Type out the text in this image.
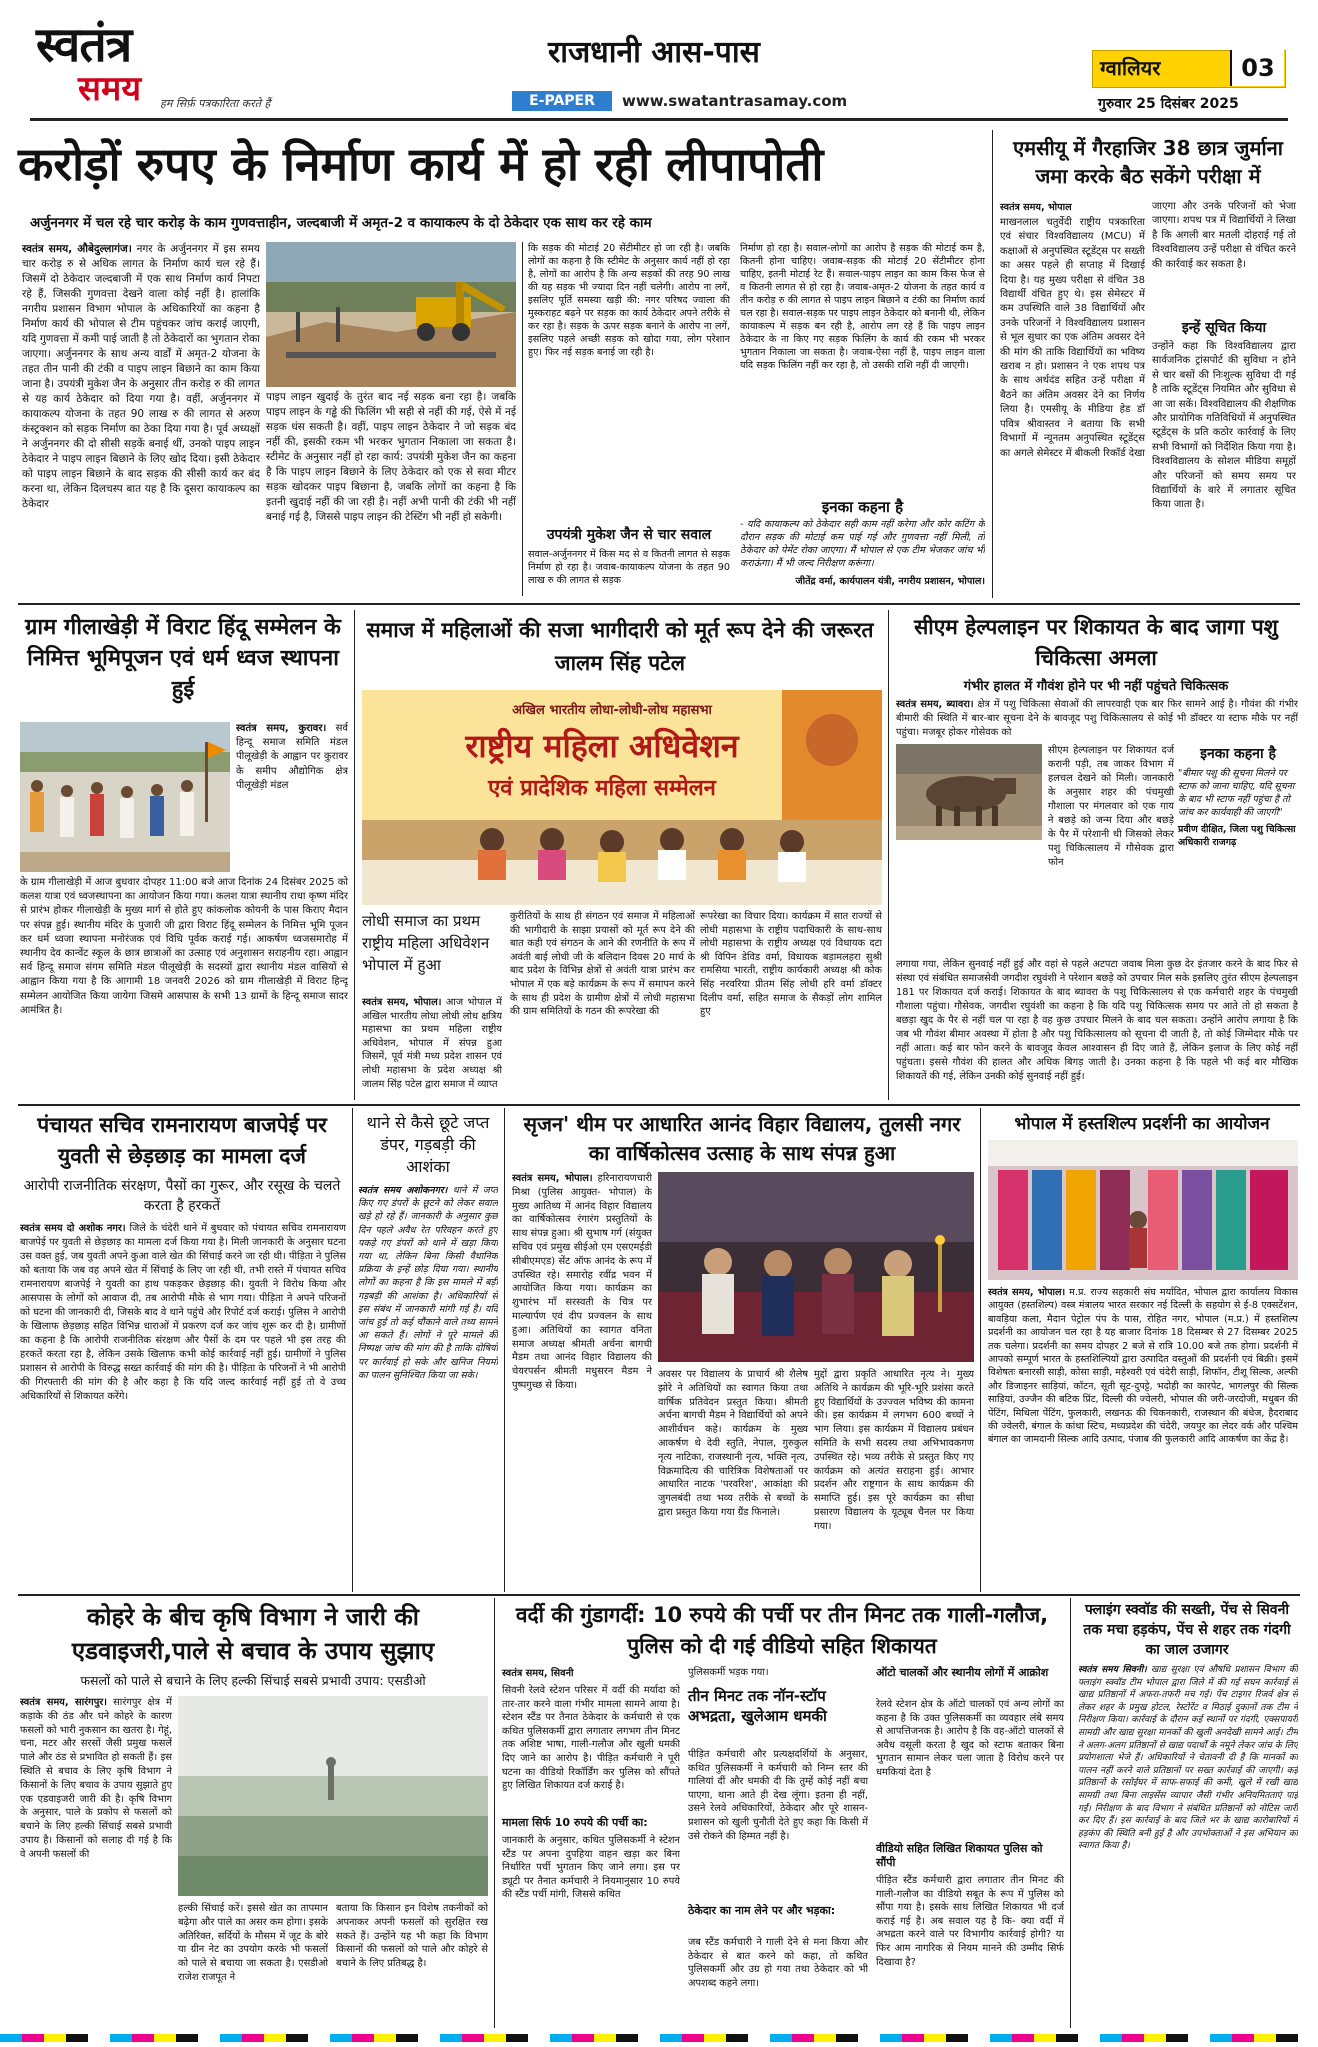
स्वतंत्र
समय हम सिर्फ़ पत्रकारिता करते हैं
राजधानी आस-पास
E-PAPER	www.swatantrasamay.com
ग्वालियर	03
गुरुवार 25 दिसंबर 2025
करोड़ों रुपए के निर्माण कार्य में हो रही लीपापोती
अर्जुननगर में चल रहे चार करोड़ के काम गुणवत्ताहीन, जल्दबाजी में अमृत-2 व कायाकल्प के दो ठेकेदार एक साथ कर रहे काम
स्वतंत्र समय, औबेदुल्लागंज। नगर के अर्जुननगर में इस समय चार करोड़ रु से अधिक लागत के निर्माण कार्य चल रहे हैं। जिसमें दो ठेकेदार जल्दबाजी में एक साथ निर्माण कार्य निपटा रहे हैं, जिसकी गुणवत्ता देखने वाला कोई नहीं है। हालांकि नगरीय प्रशासन विभाग भोपाल के अधिकारियों का कहना है निर्माण कार्य की भोपाल से टीम पहुंचकर जांच कराई जाएगी, यदि गुणवत्ता में कमी पाई जाती है तो ठेकेदारों का भुगतान रोका जाएगा। अर्जुननगर के साथ अन्य वार्डों में अमृत-2 योजना के तहत तीन पानी की टंकी व पाइप लाइन बिछाने का काम किया जाना है। उपयंत्री मुकेश जैन के अनुसार तीन करोड़ रु की लागत से यह कार्य ठेकेदार को दिया गया है। वहीं, अर्जुननगर में कायाकल्प योजना के तहत 90 लाख रु की लागत से अरुण कंस्ट्रक्शन को सड़क निर्माण का ठेका दिया गया है। पूर्व अध्यक्षों ने अर्जुननगर की दो सीसी सड़कें बनाई थीं, उनको पाइप लाइन ठेकेदार ने पाइप लाइन बिछाने के लिए खोद दिया। इसी ठेकेदार को पाइप लाइन बिछाने के बाद सड़क की सीसी कार्य कर बंद करना था, लेकिन दिलचस्प बात यह है कि दूसरा कायाकल्प का ठेकेदार
पाइप लाइन खुदाई के तुरंत बाद नई सड़क बना रहा है। जबकि पाइप लाइन के गड्ढे की फिलिंग भी सही से नहीं की गई, ऐसे में नई सड़क धंस सकती है। वहीं, पाइप लाइन ठेकेदार ने जो सड़क बंद नहीं की, इसकी रकम भी भरकर भुगतान निकाला जा सकता है। स्टीमेट के अनुसार नहीं हो रहा कार्य: उपयंत्री मुकेश जैन का कहना है कि पाइप लाइन बिछाने के लिए ठेकेदार को एक से सवा मीटर सड़क खोदकर पाइप बिछाना है, जबकि लोगों का कहना है कि इतनी खुदाई नहीं की जा रही है। नहीं अभी पानी की टंकी भी नहीं बनाई गई है, जिससे पाइप लाइन की टेस्टिंग भी नहीं हो सकेगी।
कि सड़क की मोटाई 20 सेंटीमीटर हो जा रही है। जबकि लोगों का कहना है कि स्टीमेट के अनुसार कार्य नहीं हो रहा है, लोगों का आरोप है कि अन्य सड़कों की तरह 90 लाख की यह सड़क भी ज्यादा दिन नहीं चलेगी। आरोप ना लगें, इसलिए पूर्ति समस्या खड़ी की: नगर परिषद ज्वाला की मुस्कराहट बढ़ने पर सड़क का कार्य ठेकेदार अपने तरीके से कर रहा है। सड़क के ऊपर सड़क बनाने के आरोप ना लगें, इसलिए पहले अच्छी सड़क को खोदा गया, लोग परेशान हुए। फिर नई सड़क बनाई जा रही है।
उपयंत्री मुकेश जैन से चार सवाल
सवाल-अर्जुननगर में किस मद से व कितनी लागत से सड़क निर्माण हो रहा है। जवाब-कायाकल्प योजना के तहत 90 लाख रु की लागत से सड़क
निर्माण हो रहा है। सवाल-लोगों का आरोप है सड़क की मोटाई कम है, कितनी होना चाहिए। जवाब-सड़क की मोटाई 20 सेंटीमीटर होना चाहिए, इतनी मोटाई रेट हैं। सवाल-पाइप लाइन का काम किस फेज से व कितनी लागत से हो रहा है। जवाब-अमृत-2 योजना के तहत कार्य व तीन करोड़ रु की लागत से पाइप लाइन बिछाने व टंकी का निर्माण कार्य चल रहा है। सवाल-सड़क पर पाइप लाइन ठेकेदार को बनानी थी, लेकिन कायाकल्प में सड़क बन रही है, आरोप लग रहे हैं कि पाइप लाइन ठेकेदार के ना किए गए सड़क फिलिंग के कार्य की रकम भी भरकर भुगतान निकाला जा सकता है। जवाब-ऐसा नहीं है, पाइप लाइन वाला यदि सड़क फिलिंग नहीं कर रहा है, तो उसकी राशि नहीं दी जाएगी।
इनका कहना है
- यदि कायाकल्प को ठेकेदार सही काम नहीं करेगा और कोर कटिंग के दौरान सड़क की मोटाई कम पाई गई और गुणवत्ता नहीं मिली, तो ठेकेदार को पेमेंट रोका जाएगा। मैं भोपाल से एक टीम भेजकर जांच भी कराऊंगा। मैं भी जल्द निरीक्षण करूंगा।
जीतेंद्र वर्मा, कार्यपालन यंत्री, नगरीय प्रशासन, भोपाल।
एमसीयू में गैरहाजिर 38 छात्र जुर्माना जमा करके बैठ सकेंगे परीक्षा में
स्वतंत्र समय, भोपाल
माखनलाल चतुर्वेदी राष्ट्रीय पत्रकारिता एवं संचार विश्वविद्यालय (MCU) में कक्षाओं से अनुपस्थित स्टूडेंट्स पर सख्ती का असर पहले ही सप्ताह में दिखाई दिया है। यह मुख्य परीक्षा से वंचित 38 विद्यार्थी वंचित हुए थे। इस सेमेस्टर में कम उपस्थिति वाले 38 विद्यार्थियों और उनके परिजनों ने विश्वविद्यालय प्रशासन से भूल सुधार का एक अंतिम अवसर देने की मांग की ताकि विद्यार्थियों का भविष्य खराब न हो। प्रशासन ने एक शपथ पत्र के साथ अर्थदंड सहित उन्हें परीक्षा में बैठने का अंतिम अवसर देने का निर्णय लिया है। एमसीयू के मीडिया हेड डॉ पवित्र श्रीवास्तव ने बताया कि सभी विभागों में न्यूनतम अनुपस्थित स्टूडेंट्स का अगले सेमेस्टर में बीकली रिकॉर्ड देखा
जाएगा और उनके परिजनों को भेजा जाएगा। शपथ पत्र में विद्यार्थियों ने लिखा है कि अगली बार मतली दोहराई गई तो विश्वविद्यालय उन्हें परीक्षा से वंचित करने की कार्रवाई कर सकता है।
इन्हें सूचित किया
उन्होंने कहा कि विश्वविद्यालय द्वारा सार्वजनिक ट्रांसपोर्ट की सुविधा न होने से चार बसों की निःशुल्क सुविधा दी गई है ताकि स्टूडेंट्स नियमित और सुविधा से आ जा सकें। विश्वविद्यालय की शैक्षणिक और प्रायोगिक गतिविधियों में अनुपस्थित स्टूडेंट्स के प्रति कठोर कार्रवाई के लिए सभी विभागों को निर्देशित किया गया है। विश्वविद्यालय के सोशल मीडिया समूहों और परिजनों को समय समय पर विद्यार्थियों के बारे में लगातार सूचित किया जाता है।
ग्राम गीलाखेड़ी में विराट हिंदू सम्मेलन के निमित्त भूमिपूजन एवं धर्म ध्वज स्थापना हुई
स्वतंत्र समय, कुरावर। सर्व हिन्दू समाज समिति मंडल पीलूखेड़ी के आह्वान पर कुरावर के समीप औद्योगिक क्षेत्र पीलूखेड़ी मंडल
के ग्राम गीलाखेड़ी में आज बुधवार दोपहर 11:00 बजे आज दिनांक 24 दिसंबर 2025 को कलश यात्रा एवं ध्वजस्थापना का आयोजन किया गया। कलश यात्रा स्थानीय राधा कृष्ण मंदिर से प्रारंभ होकर गीलाखेड़ी के मुख्य मार्ग से होते हुए कांकलोक कोयनी के पास किराए मैदान पर संपन्न हुई। स्थानीय मंदिर के पुजारी जी द्वारा विराट हिंदू सम्मेलन के निमित्त भूमि पूजन कर धर्म ध्वजा स्थापना मनोरंजक एवं विधि पूर्वक कराई गई। आकर्षण ध्वजसमारोह में स्थानीय देव कान्वेंट स्कूल के छात्र छात्राओं का उत्साह एवं अनुशासन सराहनीय रहा। आह्वान सर्व हिन्दू समाज संगम समिति मंडल पीलूखेड़ी के सदस्यों द्वारा स्थानीय मंडल वासियों से आह्वान किया गया है कि आगामी 18 जनवरी 2026 को ग्राम गीलाखेड़ी में विराट हिन्दू सम्मेलन आयोजित किया जायेगा जिसमे आसपास के सभी 13 ग्रामों के हिन्दू समाज सादर आमंत्रित है।
समाज में महिलाओं की सजा भागीदारी को मूर्त रूप देने की जरूरत जालम सिंह पटेल
अखिल भारतीय लोधा-लोधी-लोध महासभा
राष्ट्रीय महिला अधिवेशन
एवं प्रादेशिक महिला सम्मेलन
लोधी समाज का प्रथम राष्ट्रीय महिला अधिवेशन भोपाल में हुआ
स्वतंत्र समय, भोपाल। आज भोपाल में अखिल भारतीय लोधा लोधी लोध क्षत्रिय महासभा का प्रथम महिला राष्ट्रीय अधिवेशन, भोपाल में संपन्न हुआ जिसमें, पूर्व मंत्री मध्य प्रदेश शासन एवं लोधी महासभा के प्रदेश अध्यक्ष श्री जालम सिंह पटेल द्वारा समाज में व्याप्त
कुरीतियों के साथ ही संगठन एवं समाज में महिलाओं की भागीदारी के साझा प्रयासों को मूर्त रूप देने की बात कही एवं संगठन के आने की रणनीति के रूप में अवंती बाई लोधी जी के बलिदान दिवस 20 मार्च के बाद प्रदेश के विभिन्न क्षेत्रों से अवंती यात्रा प्रारंभ कर भोपाल में एक बड़े कार्यक्रम के रूप में समापन करने के साथ ही प्रदेश के ग्रामीण क्षेत्रों में लोधी महासभा की ग्राम समितियों के गठन की रूपरेखा की
रूपरेखा का विचार दिया। कार्यक्रम में सात राज्यों से लोधी महासभा के राष्ट्रीय पदाधिकारी के साथ-साथ लोधी महासभा के राष्ट्रीय अध्यक्ष एवं विधायक दटा श्री विपिन डेविड वर्मा, विधायक बड़ामलहरा सुश्री रामसिया भारती, राष्ट्रीय कार्यकारी अध्यक्ष श्री कोक सिंह नरवरिया प्रीतम सिंह लोधी हरि वर्मा डॉक्टर दिलीप वर्मा, सहित समाज के सैकड़ों लोग शामिल हुए
सीएम हेल्पलाइन पर शिकायत के बाद जागा पशु चिकित्सा अमला
गंभीर हालत में गौवंश होने पर भी नहीं पहुंचते चिकित्सक
स्वतंत्र समय, ब्यावरा। क्षेत्र में पशु चिकित्सा सेवाओं की लापरवाही एक बार फिर सामने आई है। गौवंश की गंभीर बीमारी की स्थिति में बार-बार सूचना देने के बावजूद पशु चिकित्सालय से कोई भी डॉक्टर या स्टाफ मौके पर नहीं पहुंचा। मजबूर होकर गोसेवक को
सीएम हेल्पलाइन पर शिकायत दर्ज करानी पड़ी, तब जाकर विभाग में हलचल देखने को मिली। जानकारी के अनुसार शहर की पंचमुखी गौशाला पर मंगलवार को एक गाय ने बछड़े को जन्म दिया और बछड़े के पैर में परेशानी थी जिसको लेकर पशु चिकित्सालय में गौसेवक द्वारा फोन
इनका कहना है
"बीमार पशु की सूचना मिलने पर स्टाफ को जाना चाहिए, यदि सूचना के बाद भी स्टाफ नहीं पहुंचा है तो जांच कर कार्यवाही की जाएगी"
प्रवीण दीक्षित, जिला पशु चिकित्सा अधिकारी राजगढ़
लगाया गया, लेकिन सुनवाई नहीं हुई और वहां से पहले अटपटा जवाब मिला कुछ देर इंतजार करने के बाद फिर से संस्था एवं संबंधित समाजसेवी जगदीश रघुवंशी ने परेशान बछड़े को उपचार मिल सके इसलिए तुरंत सीएम हेल्पलाइन 181 पर शिकायत दर्ज कराई। शिकायत के बाद ब्यावरा के पशु चिकित्सालय से एक कर्मचारी शहर के पंचमुखी गौशाला पहुंचा। गौसेवक, जगदीश रघुवंशी का कहना है कि यदि पशु चिकित्सक समय पर आते तो हो सकता है बछड़ा खुद के पैर से नहीं चल पा रहा है वह कुछ उपचार मिलने के बाद चल सकता। उन्होंने आरोप लगाया है कि जब भी गौवंश बीमार अवस्था में होता है और पशु चिकित्सालय को सूचना दी जाती है, तो कोई जिम्मेदार मौके पर नहीं आता। कई बार फोन करने के बावजूद केवल आश्वासन ही दिए जाते हैं, लेकिन इलाज के लिए कोई नहीं पहुंचता। इससे गौवंश की हालत और अधिक बिगड़ जाती है। उनका कहना है कि पहले भी कई बार मौखिक शिकायतें की गई, लेकिन उनकी कोई सुनवाई नहीं हुई।
पंचायत सचिव रामनारायण बाजपेई पर युवती से छेड़छाड़ का मामला दर्ज
आरोपी राजनीतिक संरक्षण, पैसों का गुरूर, और रसूख के चलते करता है हरकतें
स्वतंत्र समय दो अशोक नगर। जिले के चंदेरी थाने में बुधवार को पंचायत सचिव रामनारायण बाजपेई पर युवती से छेड़छाड़ का मामला दर्ज किया गया है। मिली जानकारी के अनुसार घटना उस वक्त हुई, जब युवती अपने कुआ वाले खेत की सिंचाई करने जा रही थी। पीड़िता ने पुलिस को बताया कि जब वह अपने खेत में सिंचाई के लिए जा रही थी, तभी रास्ते में पंचायत सचिव रामनारायण बाजपेई ने युवती का हाथ पकड़कर छेड़छाड़ की। युवती ने विरोध किया और आसपास के लोगों को आवाज दी, तब आरोपी मौके से भाग गया। पीड़िता ने अपने परिजनों को घटना की जानकारी दी, जिसके बाद वे थाने पहुंचे और रिपोर्ट दर्ज कराई। पुलिस ने आरोपी के खिलाफ छेड़छाड़ सहित विभिन्न धाराओं में प्रकरण दर्ज कर जांच शुरू कर दी है। ग्रामीणों का कहना है कि आरोपी राजनीतिक संरक्षण और पैसों के दम पर पहले भी इस तरह की हरकतें करता रहा है, लेकिन उसके खिलाफ कभी कोई कार्रवाई नहीं हुई। ग्रामीणों ने पुलिस प्रशासन से आरोपी के विरुद्ध सख्त कार्रवाई की मांग की है। पीड़िता के परिजनों ने भी आरोपी की गिरफ्तारी की मांग की है और कहा है कि यदि जल्द कार्रवाई नहीं हुई तो वे उच्च अधिकारियों से शिकायत करेंगे।
थाने से कैसे छूटे जप्त डंपर, गड़बड़ी की आशंका
स्वतंत्र समय अशोकनगर। थाने में जप्त किए गए डंपरों के छूटने को लेकर सवाल खड़े हो रहे हैं। जानकारी के अनुसार कुछ दिन पहले अवैध रेत परिवहन करते हुए पकड़े गए डंपरों को थाने में खड़ा किया गया था, लेकिन बिना किसी वैधानिक प्रक्रिया के इन्हें छोड़ दिया गया। स्थानीय लोगों का कहना है कि इस मामले में बड़ी गड़बड़ी की आशंका है। अधिकारियों से इस संबंध में जानकारी मांगी गई है। यदि जांच हुई तो कई चौंकाने वाले तथ्य सामने आ सकते हैं। लोगों ने पूरे मामले की निष्पक्ष जांच की मांग की है ताकि दोषियों पर कार्रवाई हो सके और खनिज नियमों का पालन सुनिश्चित किया जा सके।
सृजन' थीम पर आधारित आनंद विहार विद्यालय, तुलसी नगर का वार्षिकोत्सव उत्साह के साथ संपन्न हुआ
स्वतंत्र समय, भोपाल। हरिनारायणचारी मिश्रा (पुलिस आयुक्त- भोपाल) के मुख्य आतिथ्य में आनंद विहार विद्यालय का वार्षिकोत्सव रंगारंग प्रस्तुतियों के साथ संपन्न हुआ। श्री सुभाष गर्ग (संयुक्त सचिव एवं प्रमुख सीईओ एम एसएमईडी सीबीएमएड) सेंट ऑफ आनंद के रूप में उपस्थित रहे। समारोह रवींद्र भवन में आयोजित किया गया। कार्यक्रम का शुभारंभ माँ सरस्वती के चित्र पर माल्यार्पण एवं दीप प्रज्वलन के साथ हुआ। अतिथियों का स्वागत वनिता समाज अध्यक्ष श्रीमती अर्चना बागची मैडम तथा आनंद विहार विद्यालय की चेयरपर्सन श्रीमती मधुसरन मैडम ने पुष्पगुच्छ से किया।
अवसर पर विद्यालय के प्राचार्य श्री शैलेष झोरे ने अतिथियों का स्वागत किया तथा वार्षिक प्रतिवेदन प्रस्तुत किया। श्रीमती अर्चना बागची मैडम ने विद्यार्थियों को अपने आशीर्वचन कहे। कार्यक्रम के मुख्य आकर्षण थे देवी स्तुति, नेपाल, गुरुकुल नृत्य नाटिका, राजस्थानी नृत्य, भक्ति नृत्य, विक्रमादित्य की चारित्रिक विशेषताओं पर आधारित नाटक 'परवरिश', आकांक्षा की जुगलबंदी तथा भव्य तरीके से बच्चों के द्वारा प्रस्तुत किया गया ग्रैंड फिनाले।
मुद्दों द्वारा प्रकृति आधारित नृत्य ने। मुख्य अतिथि ने कार्यक्रम की भूरि-भूरि प्रशंसा करते हुए विद्यार्थियों के उज्ज्वल भविष्य की कामना की। इस कार्यक्रम में लगभग 600 बच्चों ने भाग लिया। इस कार्यक्रम में विद्यालय प्रबंधन समिति के सभी सदस्य तथा अभिभावकगण उपस्थित रहे। भव्य तरीके से प्रस्तुत किए गए कार्यक्रम को अत्यंत सराहना हुई। आभार प्रदर्शन और राष्ट्रगान के साथ कार्यक्रम की समाप्ति हुई। इस पूरे कार्यक्रम का सीधा प्रसारण विद्यालय के यूट्यूब चैनल पर किया गया।
भोपाल में हस्तशिल्प प्रदर्शनी का आयोजन
स्वतंत्र समय, भोपाल। म.प्र. राज्य सहकारी संघ मर्यादित, भोपाल द्वारा कार्यालय विकास आयुक्त (हस्तशिल्प) वस्त्र मंत्रालय भारत सरकार नई दिल्ली के सहयोग से ई-8 एक्सटेंशन, बावड़िया कला, मैदान पेट्रोल पंप के पास, रोहित नगर, भोपाल (म.प्र.) में हस्तशिल्प प्रदर्शनी का आयोजन चल रहा है यह बाजार दिनांक 18 दिसम्बर से 27 दिसम्बर 2025 तक चलेगा। प्रदर्शनी का समय दोपहर 2 बजे से रात्रि 10.00 बजे तक होगा। प्रदर्शनी में आपको सम्पूर्ण भारत के हस्तशिल्पियों द्वारा उत्पादित वस्तुओं की प्रदर्शनी एवं बिक्री। इसमें विशेषतः बनारसी साड़ी, कोसा साड़ी, महेश्वरी एवं चंदेरी साड़ी, शिफॉन, टीशू सिल्क, अल्फी और डिजाइनर साड़ियां, कॉटन, सूती सूट-दुपट्टे, भदोही का कारपेट, भागलपुर की सिल्क साड़ियां, उज्जैन की बटिक प्रिंट, दिल्ली की ज्वेलरी, भोपाल की जरी-जरदोजी, मधुबन की पेंटिंग, मिथिला पेंटिंग, फुलकारी, लखनऊ की चिकनकारी, राजस्थान की बंधेज, हैदराबाद की ज्वेलरी, बंगाल के कांथा स्टिच, मध्यप्रदेश की चंदेरी, जयपुर का लेदर वर्क और पश्चिम बंगाल का जामदानी सिल्क आदि उत्पाद, पंजाब की फुलकारी आदि आकर्षण का केंद्र है।
कोहरे के बीच कृषि विभाग ने जारी की एडवाइजरी,पाले से बचाव के उपाय सुझाए
फसलों को पाले से बचाने के लिए हल्की सिंचाई सबसे प्रभावी उपाय: एसडीओ
स्वतंत्र समय, सारंगपुर। सारंगपुर क्षेत्र में कड़ाके की ठंड और घने कोहरे के कारण फसलों को भारी नुकसान का खतरा है। गेहूं, चना, मटर और सरसों जैसी प्रमुख फसलें पाले और ठंड से प्रभावित हो सकती हैं। इस स्थिति से बचाव के लिए कृषि विभाग ने किसानों के लिए बचाव के उपाय सुझाते हुए एक एडवाइजरी जारी की है। कृषि विभाग के अनुसार, पाले के प्रकोप से फसलों को बचाने के लिए हल्की सिंचाई सबसे प्रभावी उपाय है। किसानों को सलाह दी गई है कि वे अपनी फसलों की
हल्की सिंचाई करें। इससे खेत का तापमान बढ़ेगा और पाले का असर कम होगा। इसके अतिरिक्त, सर्दियों के मौसम में जूट के बोरे या ग्रीन नेट का उपयोग करके भी फसलों को पाले से बचाया जा सकता है। एसडीओ राजेश राजपूत ने
बताया कि किसान इन विशेष तकनीकों को अपनाकर अपनी फसलों को सुरक्षित रख सकते हैं। उन्होंने यह भी कहा कि विभाग किसानों की फसलों को पाले और कोहरे से बचाने के लिए प्रतिबद्ध है।
वर्दी की गुंडागर्दी: 10 रुपये की पर्ची पर तीन मिनट तक गाली-गलौज, पुलिस को दी गई वीडियो सहित शिकायत
स्वतंत्र समय, सिवनी
सिवनी रेलवे स्टेशन परिसर में वर्दी की मर्यादा को तार-तार करने वाला गंभीर मामला सामने आया है। स्टेशन स्टैंड पर तैनात ठेकेदार के कर्मचारी से एक कथित पुलिसकर्मी द्वारा लगातार लगभग तीन मिनट तक अशिष्ट भाषा, गाली-गलौज और खुली धमकी दिए जाने का आरोप है। पीड़ित कर्मचारी ने पूरी घटना का वीडियो रिकॉर्डिंग कर पुलिस को सौंपते हुए लिखित शिकायत दर्ज कराई है।
मामला सिर्फ 10 रुपये की पर्ची का:
जानकारी के अनुसार, कथित पुलिसकर्मी ने स्टेशन स्टैंड पर अपना दुपहिया वाहन खड़ा कर बिना निर्धारित पर्ची भुगतान किए जाने लगा। इस पर ड्यूटी पर तैनात कर्मचारी ने नियमानुसार 10 रुपये की स्टैंड पर्ची मांगी, जिससे कथित
पुलिसकर्मी भड़क गया।
तीन मिनट तक नॉन-स्टॉप अभद्रता, खुलेआम धमकी
पीड़ित कर्मचारी और प्रत्यक्षदर्शियों के अनुसार, कथित पुलिसकर्मी ने कर्मचारी को निम्न स्तर की गालियां दीं और धमकी दी कि तुम्हें कोई नहीं बचा पाएगा, थाना आते ही देख लूंगा। इतना ही नहीं, उसने रेलवे अधिकारियों, ठेकेदार और पूरे शासन-प्रशासन को खुली चुनौती देते हुए कहा कि किसी में उसे रोकने की हिम्मत नहीं है।
ठेकेदार का नाम लेने पर और भड़का:
जब स्टैंड कर्मचारी ने गाली देने से मना किया और ठेकेदार से बात करने को कहा, तो कथित पुलिसकर्मी और उग्र हो गया तथा ठेकेदार को भी अपशब्द कहने लगा।
ऑटो चालकों और स्थानीय लोगों में आक्रोश
रेलवे स्टेशन क्षेत्र के ऑटो चालकों एवं अन्य लोगों का कहना है कि उक्त पुलिसकर्मी का व्यवहार लंबे समय से आपत्तिजनक है। आरोप है कि वह-ऑटो चालकों से अवैध वसूली करता है खुद को स्टाफ बताकर बिना भुगतान सामान लेकर चला जाता है विरोध करने पर धमकियां देता है
वीडियो सहित लिखित शिकायत पुलिस को सौंपी
पीड़ित स्टैंड कर्मचारी द्वारा लगातार तीन मिनट की गाली-गलौज का वीडियो सबूत के रूप में पुलिस को सौंपा गया है। इसके साथ लिखित शिकायत भी दर्ज कराई गई है। अब सवाल यह है कि- क्या वर्दी में अभद्रता करने वाले पर विभागीय कार्रवाई होगी? या फिर आम नागरिक से नियम मानने की उम्मीद सिर्फ दिखावा है?
फ्लाइंग स्क्वॉड की सख्ती, पेंच से सिवनी तक मचा हड़कंप, पेंच से शहर तक गंदगी का जाल उजागर
स्वतंत्र समय सिवनी। खाद्य सुरक्षा एवं औषधि प्रशासन विभाग की फ्लाइंग स्क्वॉड टीम भोपाल द्वारा जिले में की गई सघन कार्रवाई से खाद्य प्रतिष्ठानों में अफरा-तफरी मच गई। पेंच टाइगर रिजर्व क्षेत्र से लेकर शहर के प्रमुख होटल, रेस्टोरेंट व मिठाई दुकानों तक टीम ने निरीक्षण किया। कार्रवाई के दौरान कई स्थानों पर गंदगी, एक्सपायरी सामग्री और खाद्य सुरक्षा मानकों की खुली अनदेखी सामने आई। टीम ने अलग-अलग प्रतिष्ठानों से खाद्य पदार्थों के नमूने लेकर जांच के लिए प्रयोगशाला भेजे हैं। अधिकारियों ने चेतावनी दी है कि मानकों का पालन नहीं करने वाले प्रतिष्ठानों पर सख्त कार्रवाई की जाएगी। कई प्रतिष्ठानों के रसोईघर में साफ-सफाई की कमी, खुले में रखी खाद्य सामग्री तथा बिना लाइसेंस व्यापार जैसी गंभीर अनियमितताएं पाई गईं। निरीक्षण के बाद विभाग ने संबंधित प्रतिष्ठानों को नोटिस जारी कर दिए हैं। इस कार्रवाई के बाद जिले भर के खाद्य कारोबारियों में हड़कंप की स्थिति बनी हुई है और उपभोक्ताओं ने इस अभियान का स्वागत किया है।
